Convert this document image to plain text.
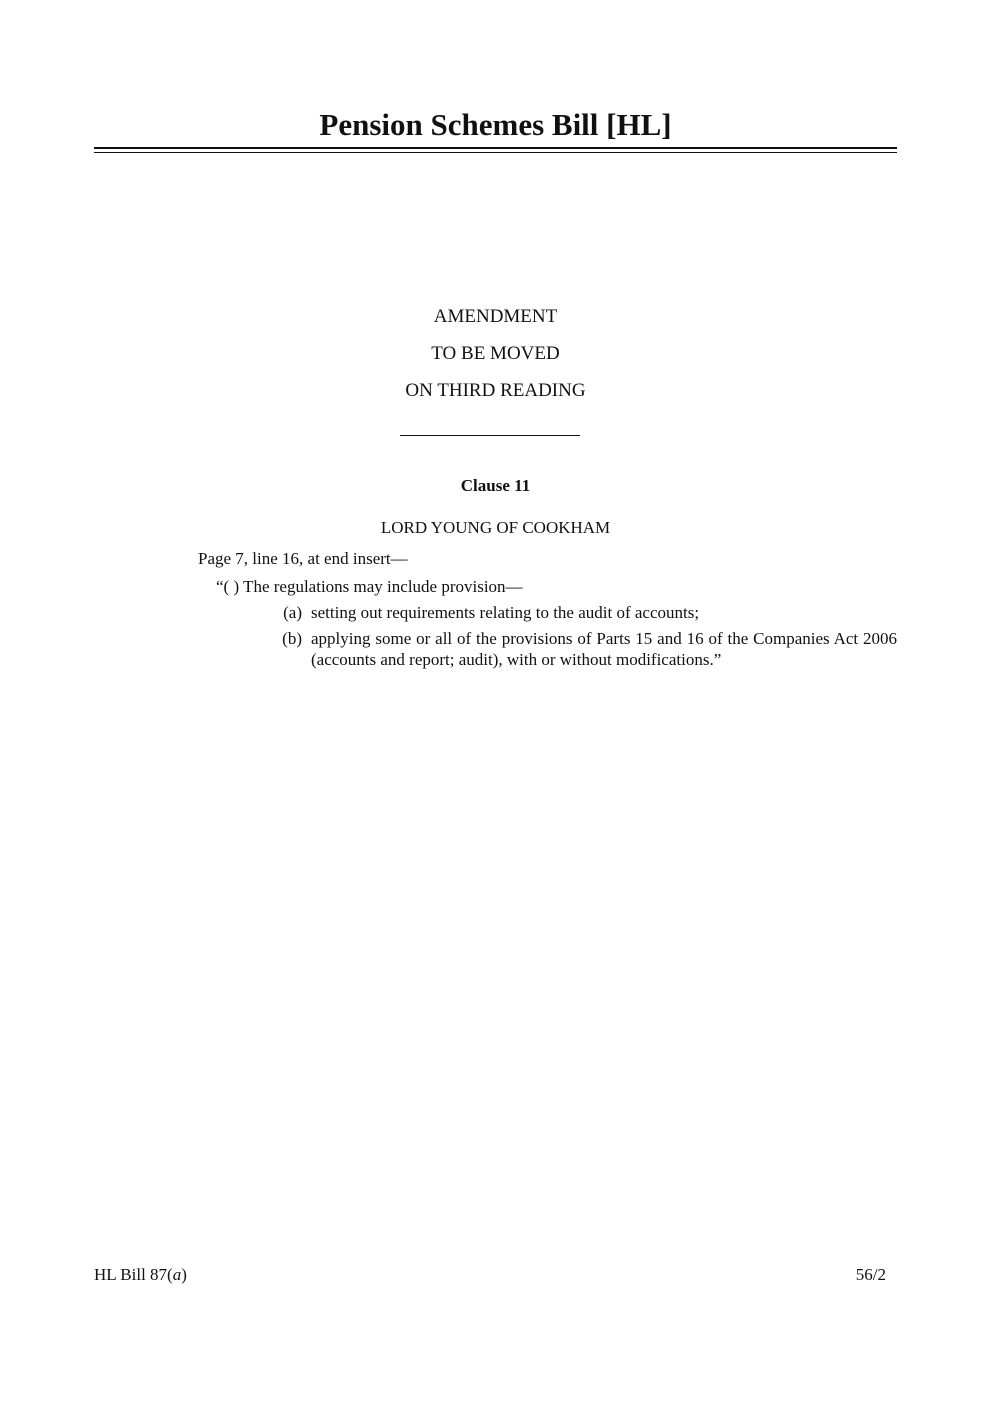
Pension Schemes Bill [HL]
AMENDMENT
TO BE MOVED
ON THIRD READING
Clause 11
LORD YOUNG OF COOKHAM
Page 7, line 16, at end insert—
“( ) The regulations may include provision—
(a) setting out requirements relating to the audit of accounts;
(b) applying some or all of the provisions of Parts 15 and 16 of the Companies Act 2006 (accounts and report; audit), with or without modifications.”
HL Bill 87(a)	56/2
